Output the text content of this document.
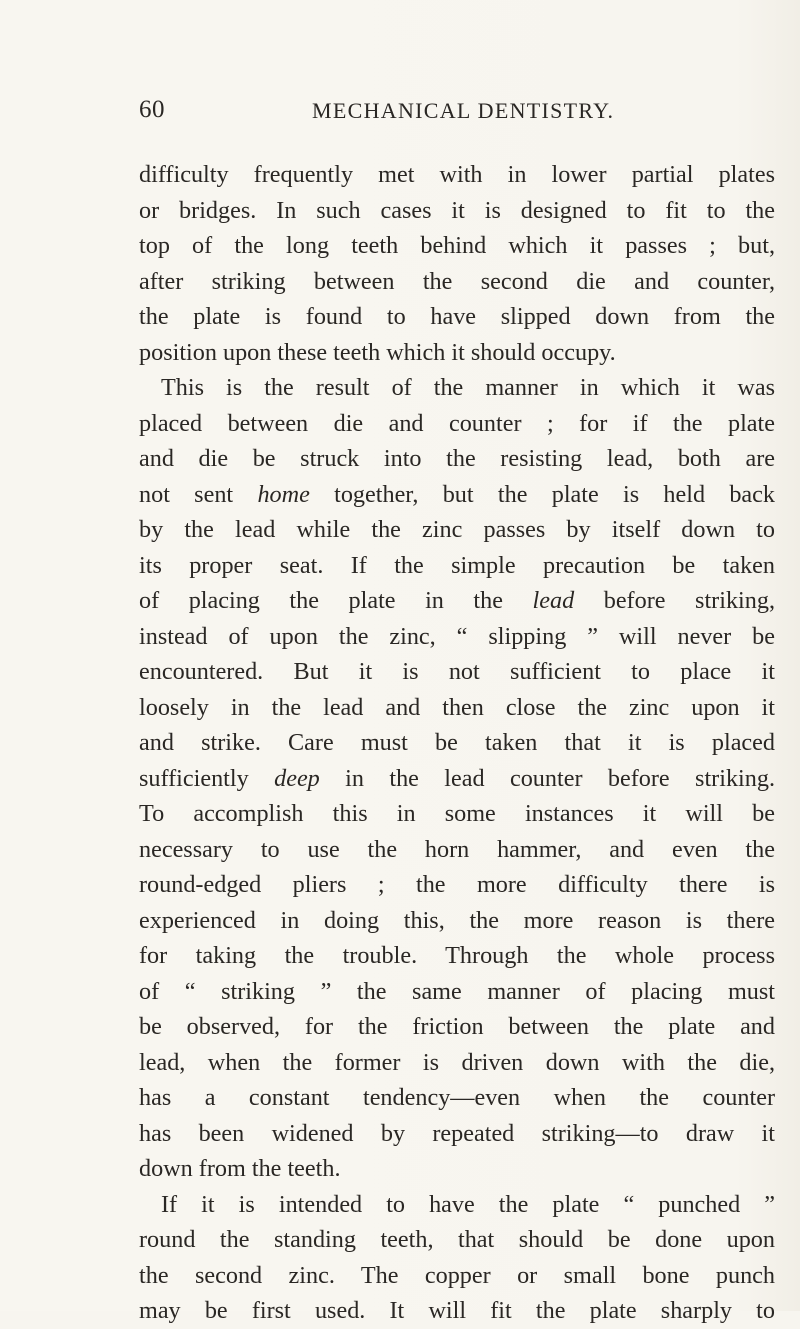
60	MECHANICAL DENTISTRY.
difficulty frequently met with in lower partial plates
or bridges. In such cases it is designed to fit to the
top of the long teeth behind which it passes ; but,
after striking between the second die and counter,
the plate is found to have slipped down from the
position upon these teeth which it should occupy.
This is the result of the manner in which it was
placed between die and counter ; for if the plate
and die be struck into the resisting lead, both are
not sent home together, but the plate is held back
by the lead while the zinc passes by itself down to
its proper seat. If the simple precaution be taken
of placing the plate in the lead before striking,
instead of upon the zinc, “ slipping ” will never be
encountered. But it is not sufficient to place it
loosely in the lead and then close the zinc upon it
and strike. Care must be taken that it is placed
sufficiently deep in the lead counter before striking.
To accomplish this in some instances it will be
necessary to use the horn hammer, and even the
round-edged pliers ; the more difficulty there is
experienced in doing this, the more reason is there
for taking the trouble. Through the whole process
of “ striking ” the same manner of placing must
be observed, for the friction between the plate and
lead, when the former is driven down with the die,
has a constant tendency—even when the counter
has been widened by repeated striking—to draw it
down from the teeth.
If it is intended to have the plate “ punched ”
round the standing teeth, that should be done upon
the second zinc. The copper or small bone punch
may be first used. It will fit the plate sharply to
